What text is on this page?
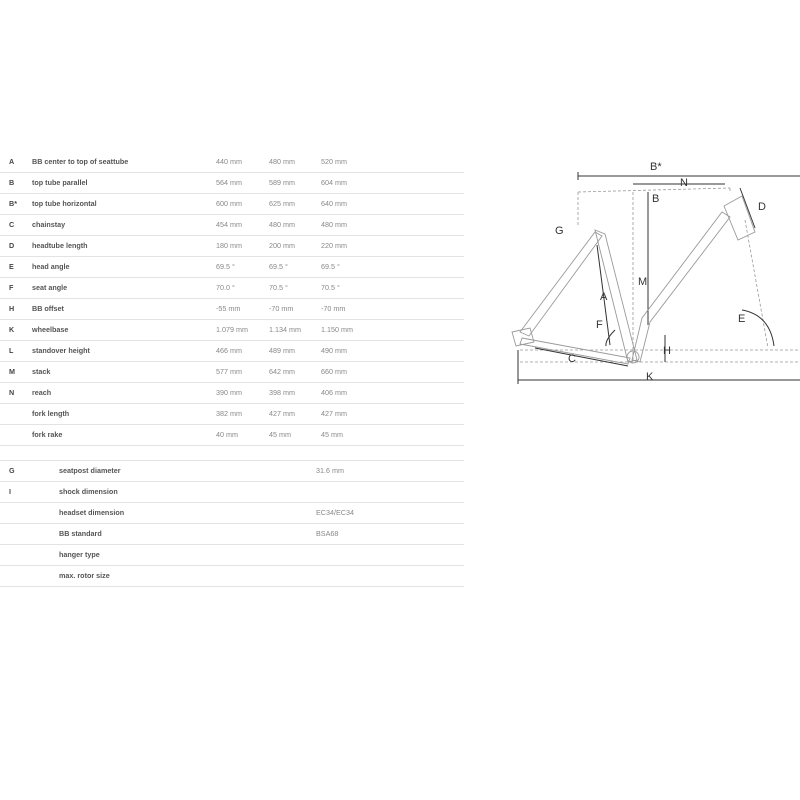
A BB center to top of seattube	440 mm	480 mm	520 mm
B top tube parallel	564 mm	589 mm	604 mm
B* top tube horizontal	600 mm	625 mm	640 mm
C chainstay	454 mm	480 mm	480 mm
D headtube length	180 mm	200 mm	220 mm
E	head angle	69.5 °	69.5 °	69.5 °
F	seat angle	70.0 °	70.5 °	70.5 °
H BB offset	-55 mm	-70 mm	-70 mm
K wheelbase	1.079 mm	1.134 mm	1.150 mm
L	standover height	466 mm	489 mm	490 mm
M stack	577 mm	642 mm	660 mm
N reach	390 mm	398 mm	406 mm
fork length	382 mm	427 mm	427 mm
fork rake	40 mm	45 mm	45 mm
G	seatpost diameter	31.6 mm
I	shock dimension
headset dimension	EC34/EC34
BB standard	BSA68
hanger type
max. rotor size
B*
N
B
D
G
M
A
F	E
H
C
K
